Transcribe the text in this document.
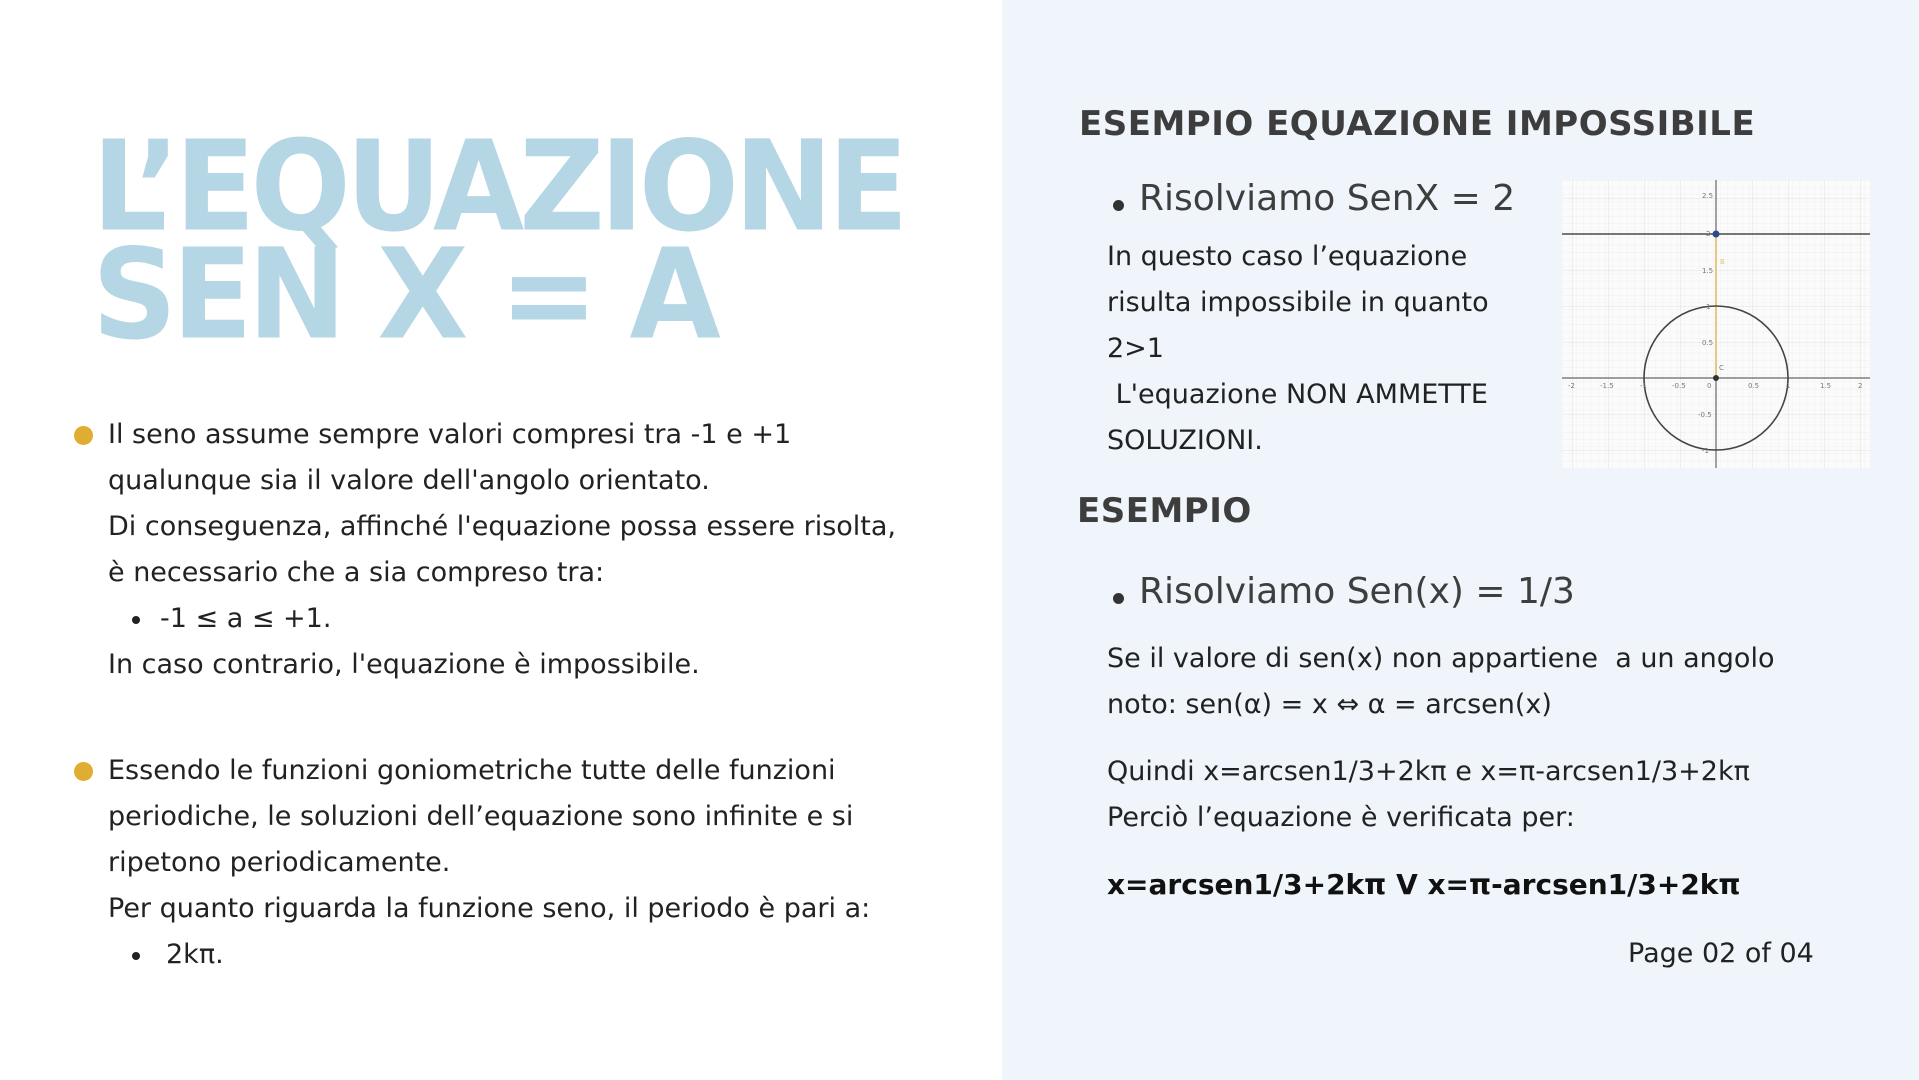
L’EQUAZIONE
SEN X = A

Il seno assume sempre valori compresi tra -1 e +1

qualunque sia il valore dell'angolo orientato.

Di conseguenza, affinché l'equazione possa essere risolta,

è necessario che a sia compreso tra:

-1 ≤ a ≤ +1.

In caso contrario, l'equazione è impossibile.

Essendo le funzioni goniometriche tutte delle funzioni

periodiche, le soluzioni dell’equazione sono infinite e si

ripetono periodicamente.

Per quanto riguarda la funzione seno, il periodo è pari a:

2kπ.
ESEMPIO EQUAZIONE IMPOSSIBILE
Risolviamo SenX = 2
In questo caso l’equazione
risulta impossibile in quanto
2>1
L'equazione NON AMMETTE
SOLUZIONI.
C
B
-2	-1.5	-1	-0.5	0	0.5	1	1.5	2
2.5
2
1.5
1
0.5
-0.5
-1
ESEMPIO
Risolviamo Sen(x) = 1/3
Se il valore di sen(x) non appartiene  a un angolo
noto: sen(α) = x ⇔ α = arcsen(x)
Quindi x=arcsen1/3+2kπ e x=π-arcsen1/3+2kπ
Perciò l’equazione è verificata per:
x=arcsen1/3+2kπ V x=π-arcsen1/3+2kπ
Page 02 of 04
